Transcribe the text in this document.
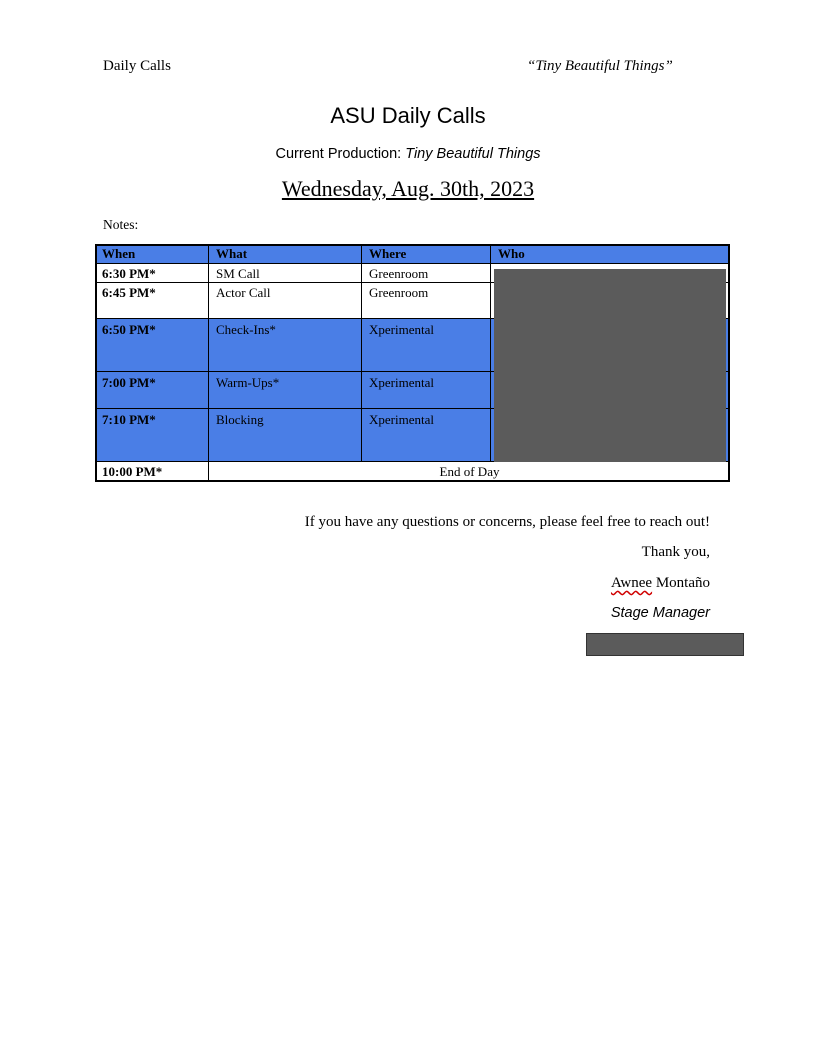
Daily Calls	“Tiny Beautiful Things”
ASU Daily Calls
Current Production: Tiny Beautiful Things
Wednesday, Aug. 30th, 2023
Notes:
When	What	Where	Who
6:30 PM*	SM Call	Greenroom
6:45 PM*	Actor Call	Greenroom
6:50 PM*	Check-Ins*	Xperimental
7:00 PM*	Warm-Ups*	Xperimental
7:10 PM*	Blocking	Xperimental
10:00 PM*	End of Day
If you have any questions or concerns, please feel free to reach out!
Thank you,
Awnee Montaño
Stage Manager
